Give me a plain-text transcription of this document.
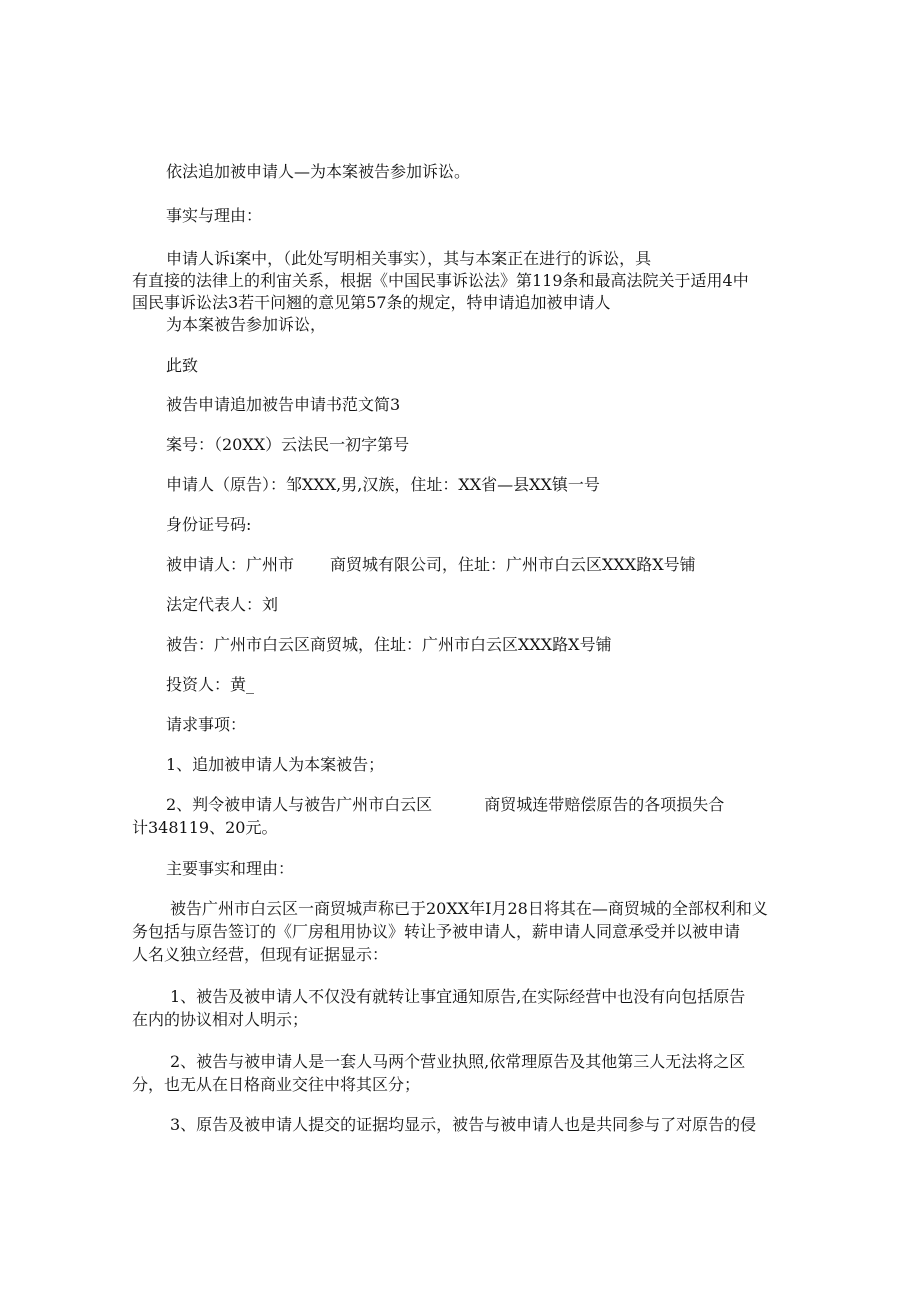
依法追加被申请人—为本案被告参加诉讼。
事实与理由：
申请人诉i案中，（此处写明相关事实），其与本案正在进行的诉讼，具
有直接的法律上的利宙关系，根据《中国民事诉讼法》第119条和最高法院关于适用4中
国民事诉讼法3若干问翘的意见第57条的规定，特申请追加被申请人
为本案被告参加诉讼，
此致
被告申请追加被告申请书范文简3
案号：（20XX）云法民一初字第号
申请人（原告）：邹XXX,男,汉族，住址：XX省—县XX镇一号
身份证号码:
被申请人：广州市 商贸城有限公司，住址：广州市白云区XXX路X号铺
法定代表人：刘
被告：广州市白云区商贸城，住址：广州市白云区XXX路X号铺
投资人：黄_
请求事项：
1、追加被申请人为本案被告；
2、判令被申请人与被告广州市白云区	商贸城连带赔偿原告的各项损失合
计348119、20元。
主要事实和理由：
被告广州市白云区一商贸城声称已于20XX年I月28日将其在—商贸城的全部权利和义
务包括与原告签订的《厂房租用协议》转让予被申请人，薪申请人同意承受并以被申请
人名义独立经营，但现有证据显示：
1、被告及被申请人不仅没有就转让事宜通知原告,在实际经营中也没有向包括原告
在内的协议相对人明示；
2、被告与被申请人是一套人马两个营业执照,依常理原告及其他第三人无法将之区
分，也无从在日格商业交往中将其区分；
3、原告及被申请人提交的证据均显示，被告与被申请人也是共同参与了对原告的侵
